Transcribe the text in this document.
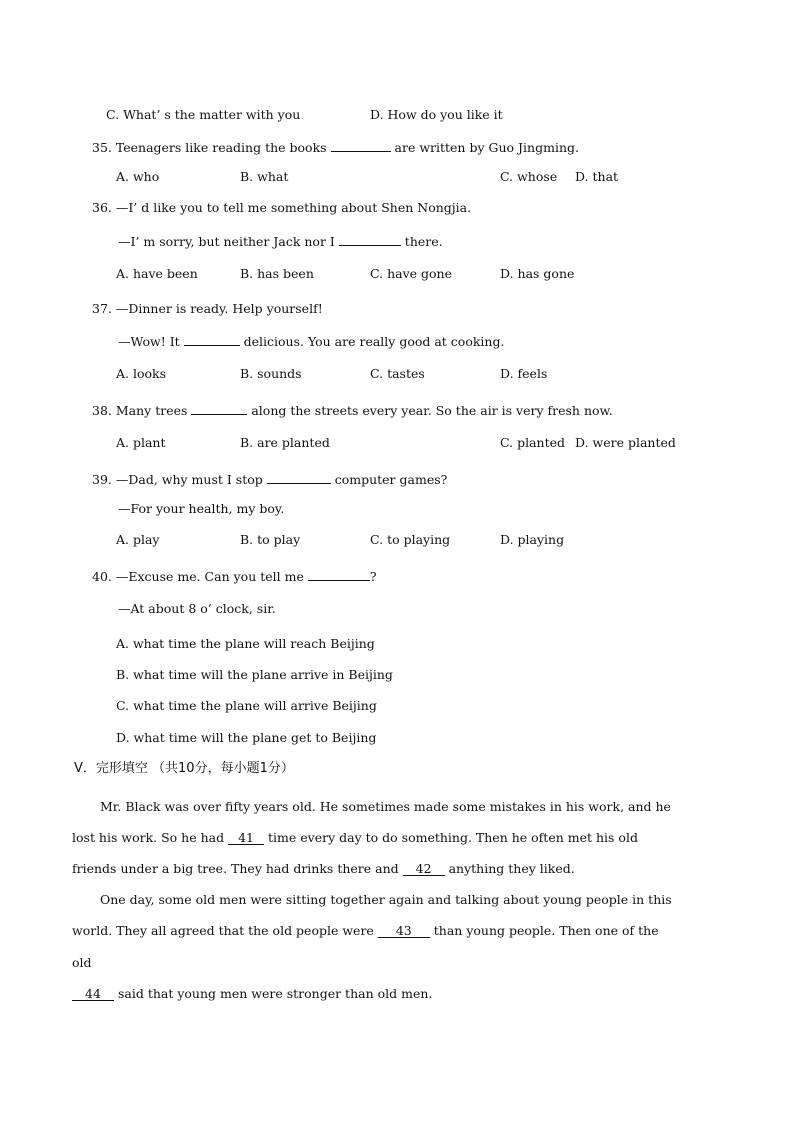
C. What’ s the matter with you	D. How do you like it
35. Teenagers like reading the books	are written by Guo Jingming.
A. who	B. what	C. whose D. that
36. —I’ d like you to tell me something about Shen Nongjia.
—I’ m sorry, but neither Jack nor I	there.
A. have been	B. has been	C. have gone	D. has gone
37. —Dinner is ready. Help yourself!
—Wow! It	delicious. You are really good at cooking.
A. looks	B. sounds	C. tastes	D. feels
38. Many trees	along the streets every year. So the air is very fresh now.
A. plant	B. are planted	C. planted D. were planted
39. —Dad, why must I stop	computer games?
—For your health, my boy.
A. play	B. to play	C. to playing	D. playing
40. —Excuse me. Can you tell me	?
—At about 8 o’ clock, sir.
A. what time the plane will reach Beijing
B. what time will the plane arrive in Beijing
C. what time the plane will arrive Beijing
D. what time will the plane get to Beijing
V．完形填空 （共10分，每小题1分）
Mr. Black was over fifty years old. He sometimes made some mistakes in his work, and he
lost his work. So he had 41 time every day to do something. Then he often met his old
friends under a big tree. They had drinks there and 42 anything they liked.
One day, some old men were sitting together again and talking about young people in this
world. They all agreed that the old people were 43 than young people. Then one of the
old
44 said that young men were stronger than old men.
